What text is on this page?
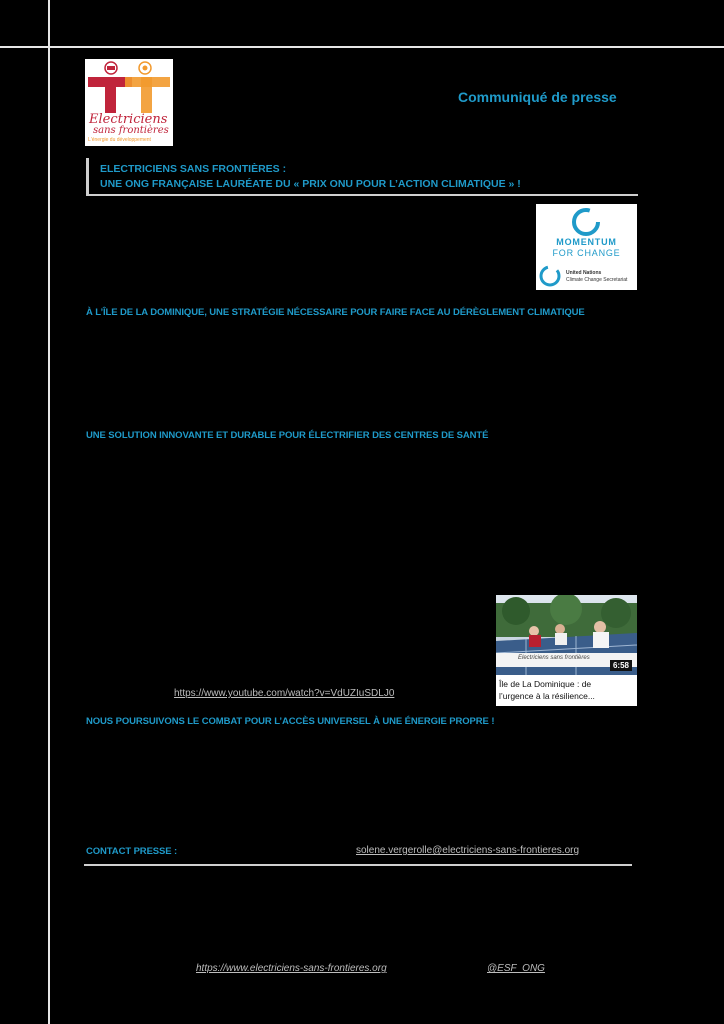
Electriciens
sans frontières
L'énergie du développement
Communiqué de presse
ELECTRICIENS SANS FRONTIÈRES :
UNE ONG FRANÇAISE LAURÉATE DU « PRIX ONU POUR L’ACTION CLIMATIQUE » !
MOMENTUM
FOR CHANGE
United Nations
Climate Change Secretariat
À L’ÎLE DE LA DOMINIQUE, UNE STRATÉGIE NÉCESSAIRE POUR FAIRE FACE AU DÉRÈGLEMENT CLIMATIQUE
UNE SOLUTION INNOVANTE ET DURABLE POUR ÉLECTRIFIER DES CENTRES DE SANTÉ
Electriciens sans frontières
6:58
Île de La Dominique : de
l’urgence à la résilience...
https://www.youtube.com/watch?v=VdUZIuSDLJ0
NOUS POURSUIVONS LE COMBAT POUR L’ACCÈS UNIVERSEL À UNE ÉNERGIE PROPRE !
CONTACT PRESSE :	solene.vergerolle@electriciens-sans-frontieres.org
https://www.electriciens-sans-frontieres.org	@ESF_ONG
